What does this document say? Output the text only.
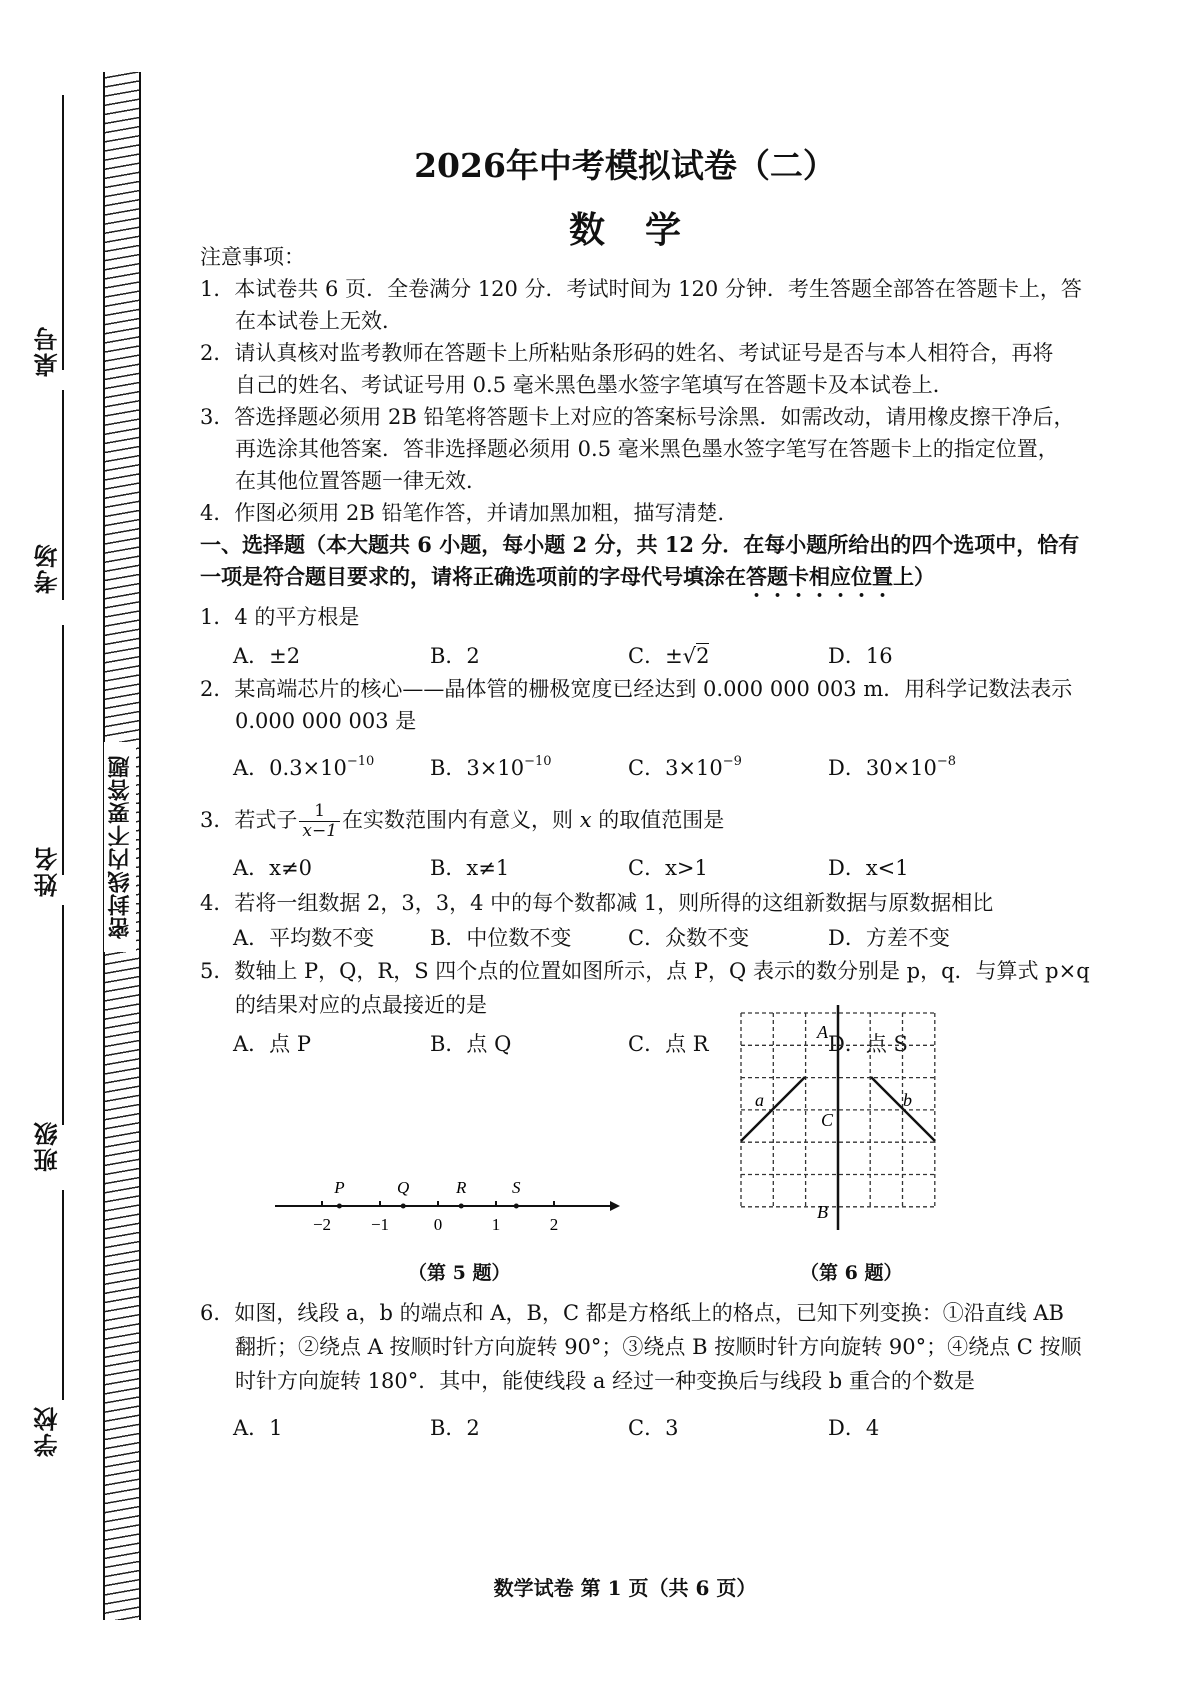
桌号
考场
姓名
班级
学校
密封线内不要答题
2026年中考模拟试卷（二）
数学
注意事项：
1．本试卷共 6 页．全卷满分 120 分．考试时间为 120 分钟．考生答题全部答在答题卡上，答
在本试卷上无效．
2．请认真核对监考教师在答题卡上所粘贴条形码的姓名、考试证号是否与本人相符合，再将
自己的姓名、考试证号用 0.5 毫米黑色墨水签字笔填写在答题卡及本试卷上．
3．答选择题必须用 2B 铅笔将答题卡上对应的答案标号涂黑．如需改动，请用橡皮擦干净后，
再选涂其他答案．答非选择题必须用 0.5 毫米黑色墨水签字笔写在答题卡上的指定位置，
在其他位置答题一律无效．
4．作图必须用 2B 铅笔作答，并请加黑加粗，描写清楚．
一、选择题（本大题共 6 小题，每小题 2 分，共 12 分．在每小题所给出的四个选项中，恰有
一项是符合题目要求的，请将正确选项前的字母代号填涂在答题卡相应位置上）
1．4 的平方根是
A．±2	B．2	C．±√2	D．16
2．某高端芯片的核心——晶体管的栅极宽度已经达到 0.000 000 003 m．用科学记数法表示
0.000 000 003 是
A．$0.3\times 10^{-10}$	B．$3\times 10^{-10}$	C．$3\times 10^{-9}$	D．$30\times 10^{-8}$
3．若式子 $\frac{1}{x-1}$ 在实数范围内有意义，则 x 的取值范围是
A．x≠0	B．x≠1	C．x>1	D．x<1
4．若将一组数据 2，3，3，4 中的每个数都减 1，则所得的这组新数据与原数据相比
A．平均数不变	B．中位数不变	C．众数不变	D．方差不变
5．数轴上 P，Q，R，S 四个点的位置如图所示，点 P，Q 表示的数分别是 p，q．与算式 p×q
的结果对应的点最接近的是
A．点 P	B．点 Q	C．点 R	D．点 S
−2 −1	0	1	2
P	Q	R	S
（第 5 题）
A
B
C
a	b
（第 6 题）
6．如图，线段 a，b 的端点和 A，B，C 都是方格纸上的格点，已知下列变换：①沿直线 AB
翻折；②绕点 A 按顺时针方向旋转 90°；③绕点 B 按顺时针方向旋转 90°；④绕点 C 按顺
时针方向旋转 180°．其中，能使线段 a 经过一种变换后与线段 b 重合的个数是
A．1	B．2	C．3	D．4
数学试卷 第 1 页（共 6 页）
